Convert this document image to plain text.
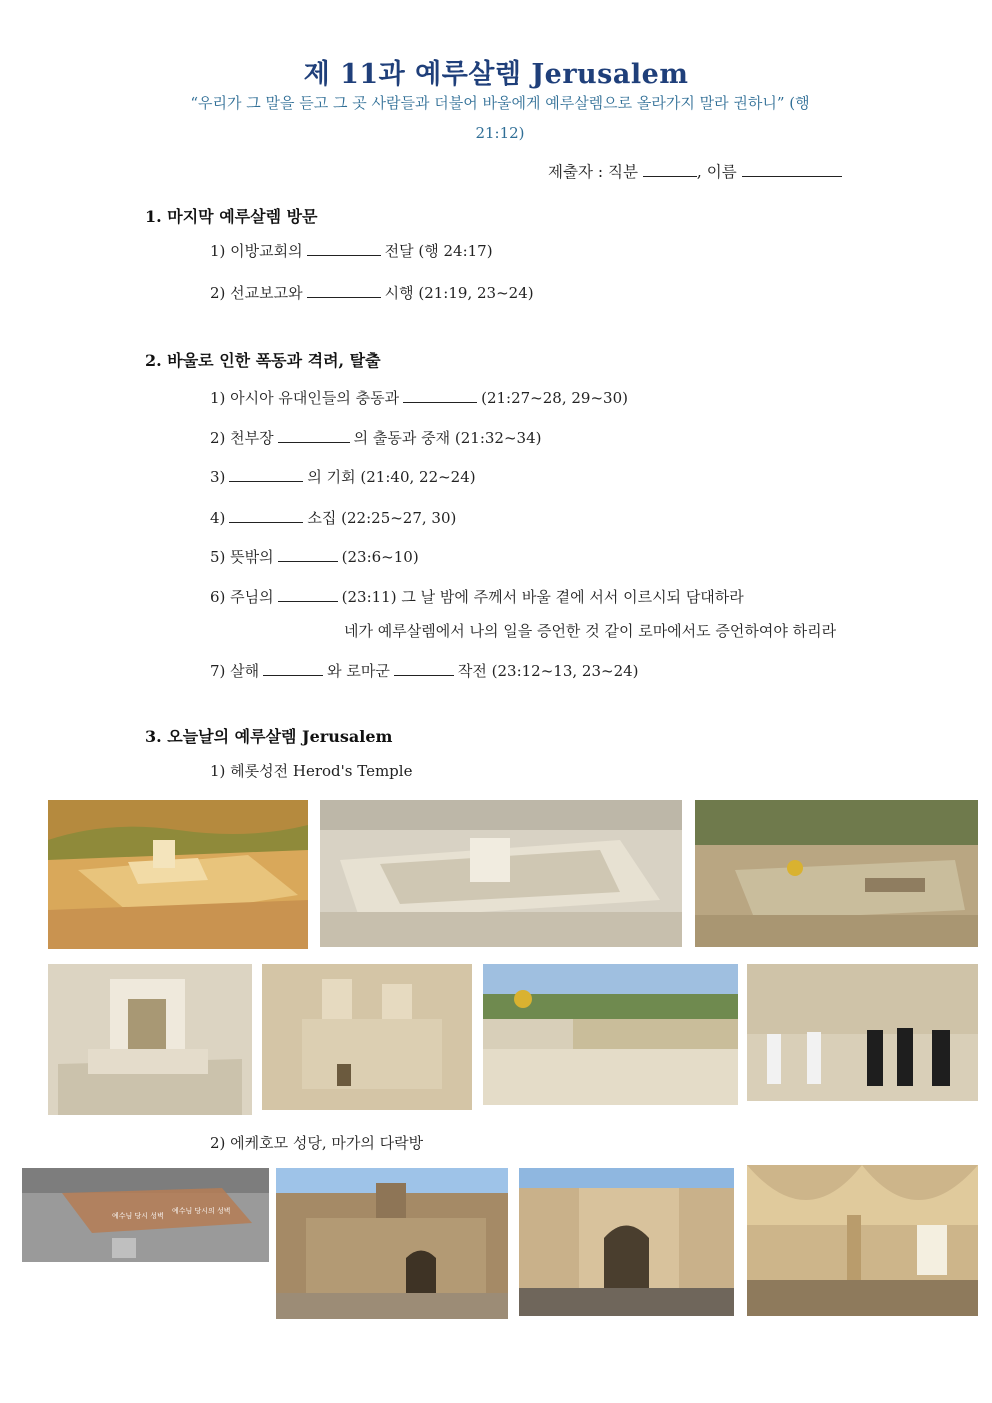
제 11과 예루살렘 Jerusalem
“우리가 그 말을 듣고 그 곳 사람들과 더불어 바울에게 예루살렘으로 올라가지 말라 권하니” (행
21:12)
제출자 : 직분	, 이름
1. 마지막 예루살렘 방문
1) 이방교회의	전달 (행 24:17)
2) 선교보고와	시행 (21:19, 23~24)
2. 바울로 인한 폭동과 격려, 탈출
1) 아시아 유대인들의 충동과	(21:27~28, 29~30)
2) 천부장	의 출동과 중재 (21:32~34)
3)	의 기회 (21:40, 22~24)
4)	소집 (22:25~27, 30)
5) 뜻밖의	(23:6~10)
6) 주님의	(23:11) 그 날 밤에 주께서 바울 곁에 서서 이르시되 담대하라
네가 예루살렘에서 나의 일을 증언한 것 같이 로마에서도 증언하여야 하리라
7) 살해	와 로마군	작전 (23:12~13, 23~24)
3. 오늘날의 예루살렘 Jerusalem
1) 헤롯성전 Herod's Temple
2) 에케호모 성당, 마가의 다락방
예수님 당시 성벽
예수님 당시의 성벽
